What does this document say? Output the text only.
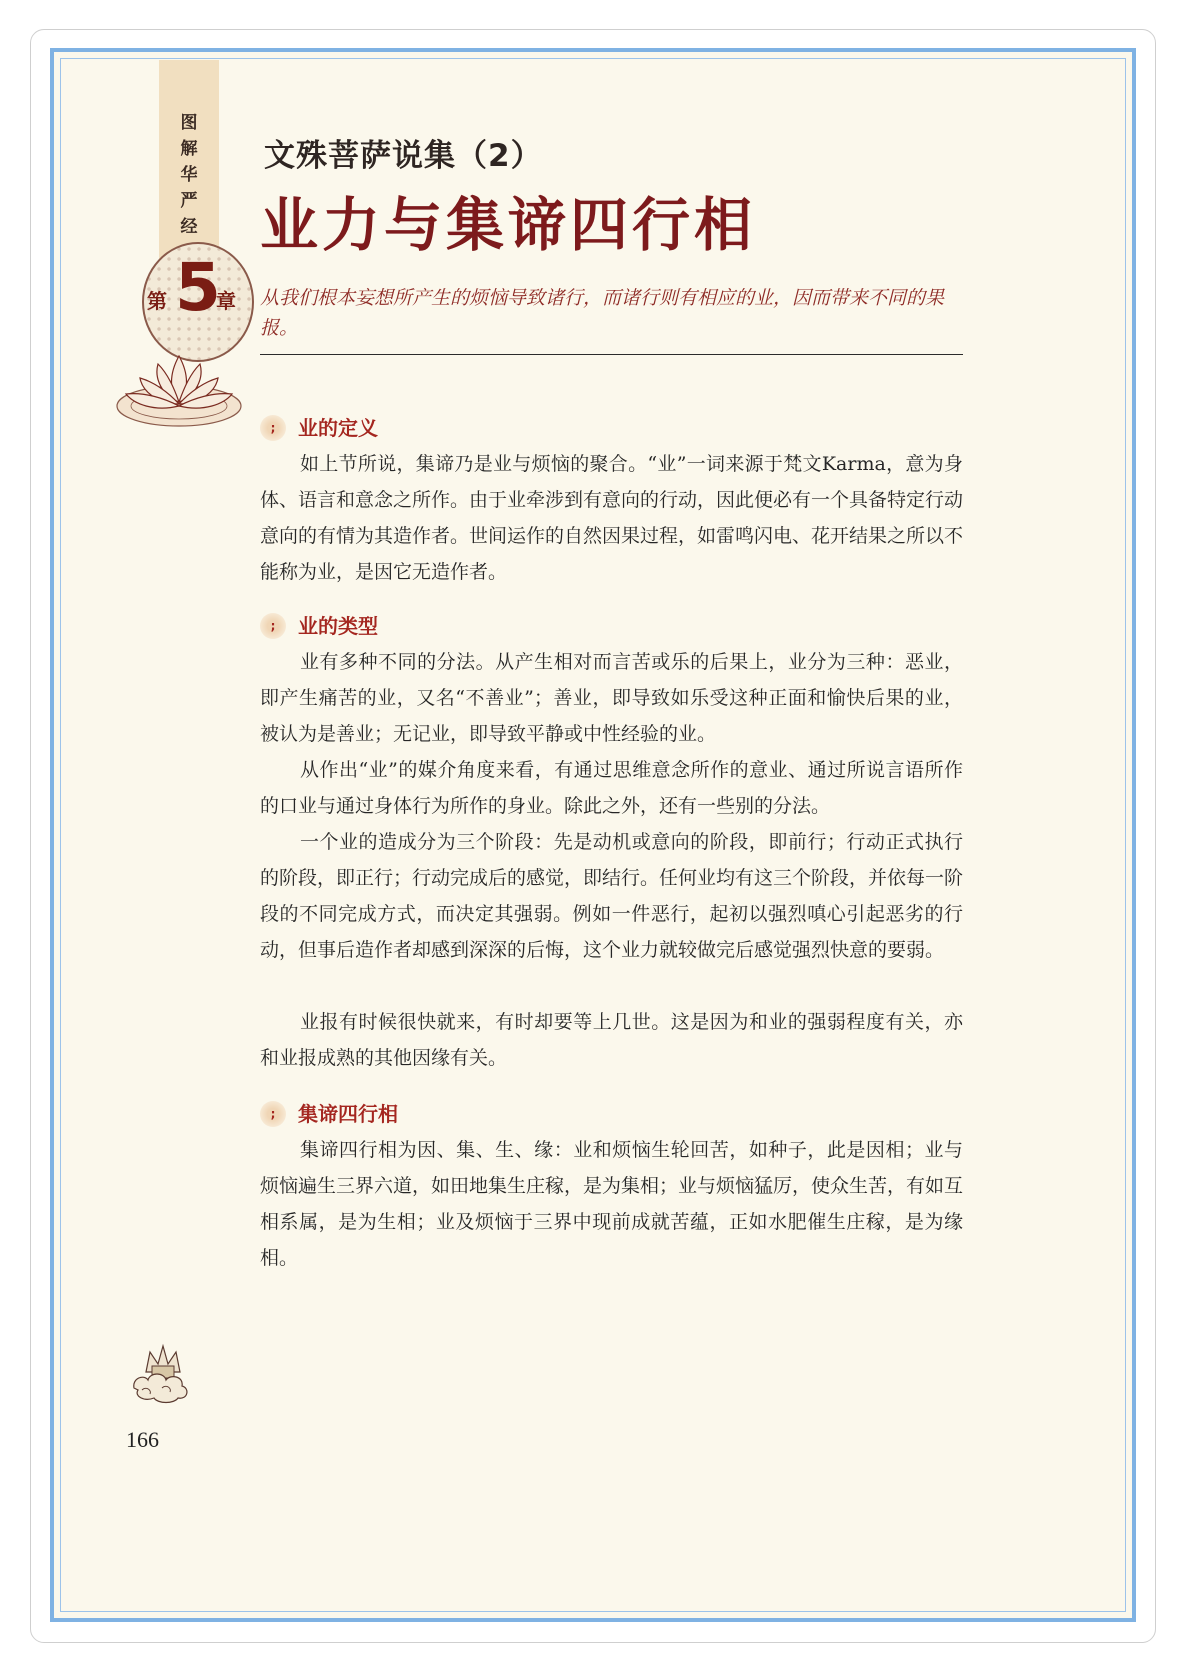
图
解
华
严
经
5
第 章
文殊菩萨说集（2）
业力与集谛四行相
从我们根本妄想所产生的烦恼导致诸行，而诸行则有相应的业，因而带来不同的果报。
; 业的定义
如上节所说，集谛乃是业与烦恼的聚合。“业”一词来源于梵文Karma，意为身体、语言和意念之所作。由于业牵涉到有意向的行动，因此便必有一个具备特定行动意向的有情为其造作者。世间运作的自然因果过程，如雷鸣闪电、花开结果之所以不能称为业，是因它无造作者。
; 业的类型
业有多种不同的分法。从产生相对而言苦或乐的后果上，业分为三种：恶业，即产生痛苦的业，又名“不善业”；善业，即导致如乐受这种正面和愉快后果的业，被认为是善业；无记业，即导致平静或中性经验的业。
从作出“业”的媒介角度来看，有通过思维意念所作的意业、通过所说言语所作的口业与通过身体行为所作的身业。除此之外，还有一些别的分法。
一个业的造成分为三个阶段：先是动机或意向的阶段，即前行；行动正式执行的阶段，即正行；行动完成后的感觉，即结行。任何业均有这三个阶段，并依每一阶段的不同完成方式，而决定其强弱。例如一件恶行，起初以强烈嗔心引起恶劣的行动，但事后造作者却感到深深的后悔，这个业力就较做完后感觉强烈快意的要弱。
业报有时候很快就来，有时却要等上几世。这是因为和业的强弱程度有关，亦和业报成熟的其他因缘有关。
; 集谛四行相
集谛四行相为因、集、生、缘：业和烦恼生轮回苦，如种子，此是因相；业与烦恼遍生三界六道，如田地集生庄稼，是为集相；业与烦恼猛厉，使众生苦，有如互相系属，是为生相；业及烦恼于三界中现前成就苦蕴，正如水肥催生庄稼，是为缘相。
166
